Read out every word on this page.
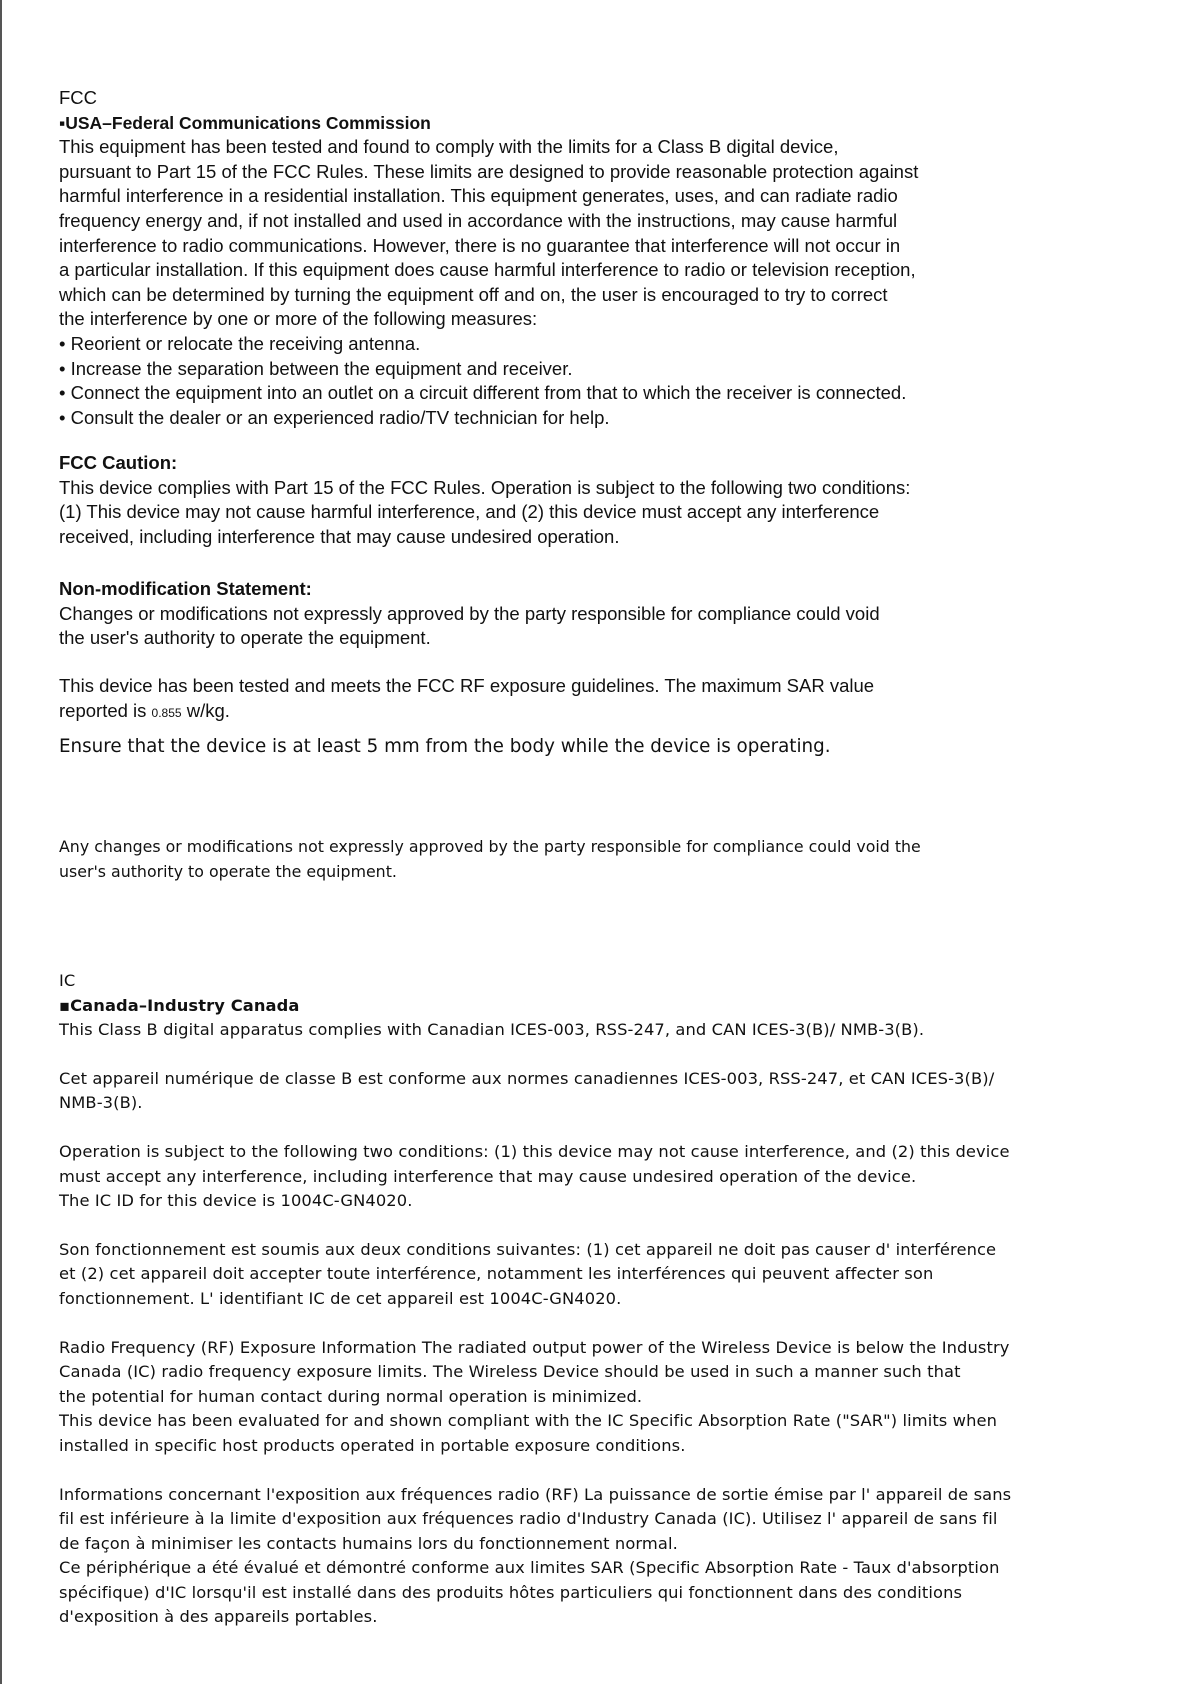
FCC
▪USA–Federal Communications Commission
This equipment has been tested and found to comply with the limits for a Class B digital device,
pursuant to Part 15 of the FCC Rules. These limits are designed to provide reasonable protection against
harmful interference in a residential installation. This equipment generates, uses, and can radiate radio
frequency energy and, if not installed and used in accordance with the instructions, may cause harmful
interference to radio communications. However, there is no guarantee that interference will not occur in
a particular installation. If this equipment does cause harmful interference to radio or television reception,
which can be determined by turning the equipment off and on, the user is encouraged to try to correct
the interference by one or more of the following measures:
• Reorient or relocate the receiving antenna.
• Increase the separation between the equipment and receiver.
• Connect the equipment into an outlet on a circuit different from that to which the receiver is connected.
• Consult the dealer or an experienced radio/TV technician for help.
FCC Caution:
This device complies with Part 15 of the FCC Rules. Operation is subject to the following two conditions:
(1) This device may not cause harmful interference, and (2) this device must accept any interference
received, including interference that may cause undesired operation.
Non-modification Statement:
Changes or modifications not expressly approved by the party responsible for compliance could void
the user's authority to operate the equipment.
This device has been tested and meets the FCC RF exposure guidelines. The maximum SAR value
reported is 0.855 w/kg.
Ensure that the device is at least 5 mm from the body while the device is operating.
Any changes or modifications not expressly approved by the party responsible for compliance could void the
user's authority to operate the equipment.
IC
▪Canada–Industry Canada
This Class B digital apparatus complies with Canadian ICES-003, RSS-247, and CAN ICES-3(B)/ NMB-3(B).
Cet appareil numérique de classe B est conforme aux normes canadiennes ICES-003, RSS-247, et CAN ICES-3(B)/
NMB-3(B).
Operation is subject to the following two conditions: (1) this device may not cause interference, and (2) this device
must accept any interference, including interference that may cause undesired operation of the device.
The IC ID for this device is 1004C-GN4020.
Son fonctionnement est soumis aux deux conditions suivantes: (1) cet appareil ne doit pas causer d' interférence
et (2) cet appareil doit accepter toute interférence, notamment les interférences qui peuvent affecter son
fonctionnement. L' identifiant IC de cet appareil est 1004C-GN4020.
Radio Frequency (RF) Exposure Information The radiated output power of the Wireless Device is below the Industry
Canada (IC) radio frequency exposure limits. The Wireless Device should be used in such a manner such that
the potential for human contact during normal operation is minimized.
This device has been evaluated for and shown compliant with the IC Specific Absorption Rate ("SAR") limits when
installed in specific host products operated in portable exposure conditions.
Informations concernant l'exposition aux fréquences radio (RF) La puissance de sortie émise par l' appareil de sans
fil est inférieure à la limite d'exposition aux fréquences radio d'Industry Canada (IC). Utilisez l' appareil de sans fil
de façon à minimiser les contacts humains lors du fonctionnement normal.
Ce périphérique a été évalué et démontré conforme aux limites SAR (Specific Absorption Rate - Taux d'absorption
spécifique) d'IC lorsqu'il est installé dans des produits hôtes particuliers qui fonctionnent dans des conditions
d'exposition à des appareils portables.
